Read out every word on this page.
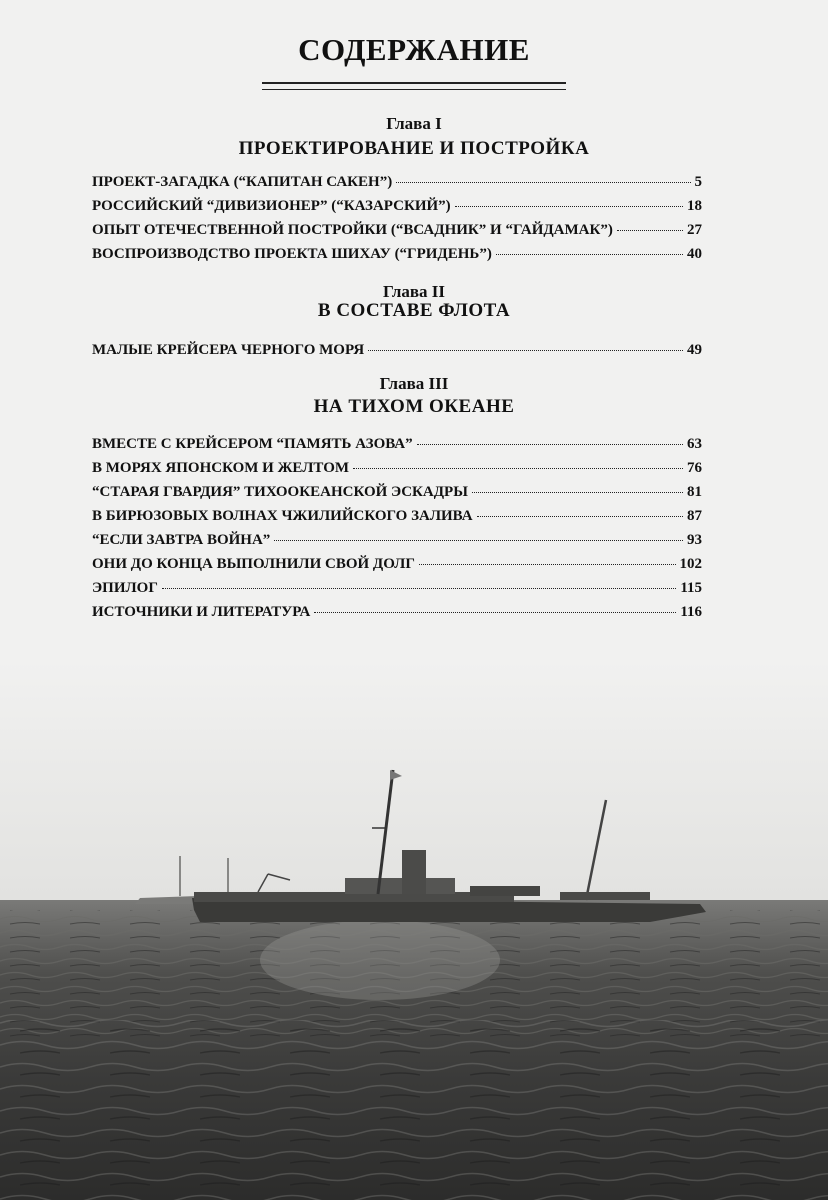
СОДЕРЖАНИЕ
Глава I
ПРОЕКТИРОВАНИЕ И ПОСТРОЙКА
ПРОЕКТ-ЗАГАДКА (“КАПИТАН САКЕН”)	5
РОССИЙСКИЙ “ДИВИЗИОНЕР” (“КАЗАРСКИЙ”)	18
ОПЫТ ОТЕЧЕСТВЕННОЙ ПОСТРОЙКИ (“ВСАДНИК” И “ГАЙДАМАК”)	27
ВОСПРОИЗВОДСТВО ПРОЕКТА ШИХАУ (“ГРИДЕНЬ”)	40
Глава II
В СОСТАВЕ ФЛОТА
МАЛЫЕ КРЕЙСЕРА ЧЕРНОГО МОРЯ	49
Глава III
НА ТИХОМ ОКЕАНЕ
ВМЕСТЕ С КРЕЙСЕРОМ “ПАМЯТЬ АЗОВА”	63
В МОРЯХ ЯПОНСКОМ И ЖЕЛТОМ	76
“СТАРАЯ ГВАРДИЯ” ТИХООКЕАНСКОЙ ЭСКАДРЫ	81
В БИРЮЗОВЫХ ВОЛНАХ ЧЖИЛИЙСКОГО ЗАЛИВА	87
“ЕСЛИ ЗАВТРА ВОЙНА”	93
ОНИ ДО КОНЦА ВЫПОЛНИЛИ СВОЙ ДОЛГ	102
ЭПИЛОГ	115
ИСТОЧНИКИ И ЛИТЕРАТУРА	116
